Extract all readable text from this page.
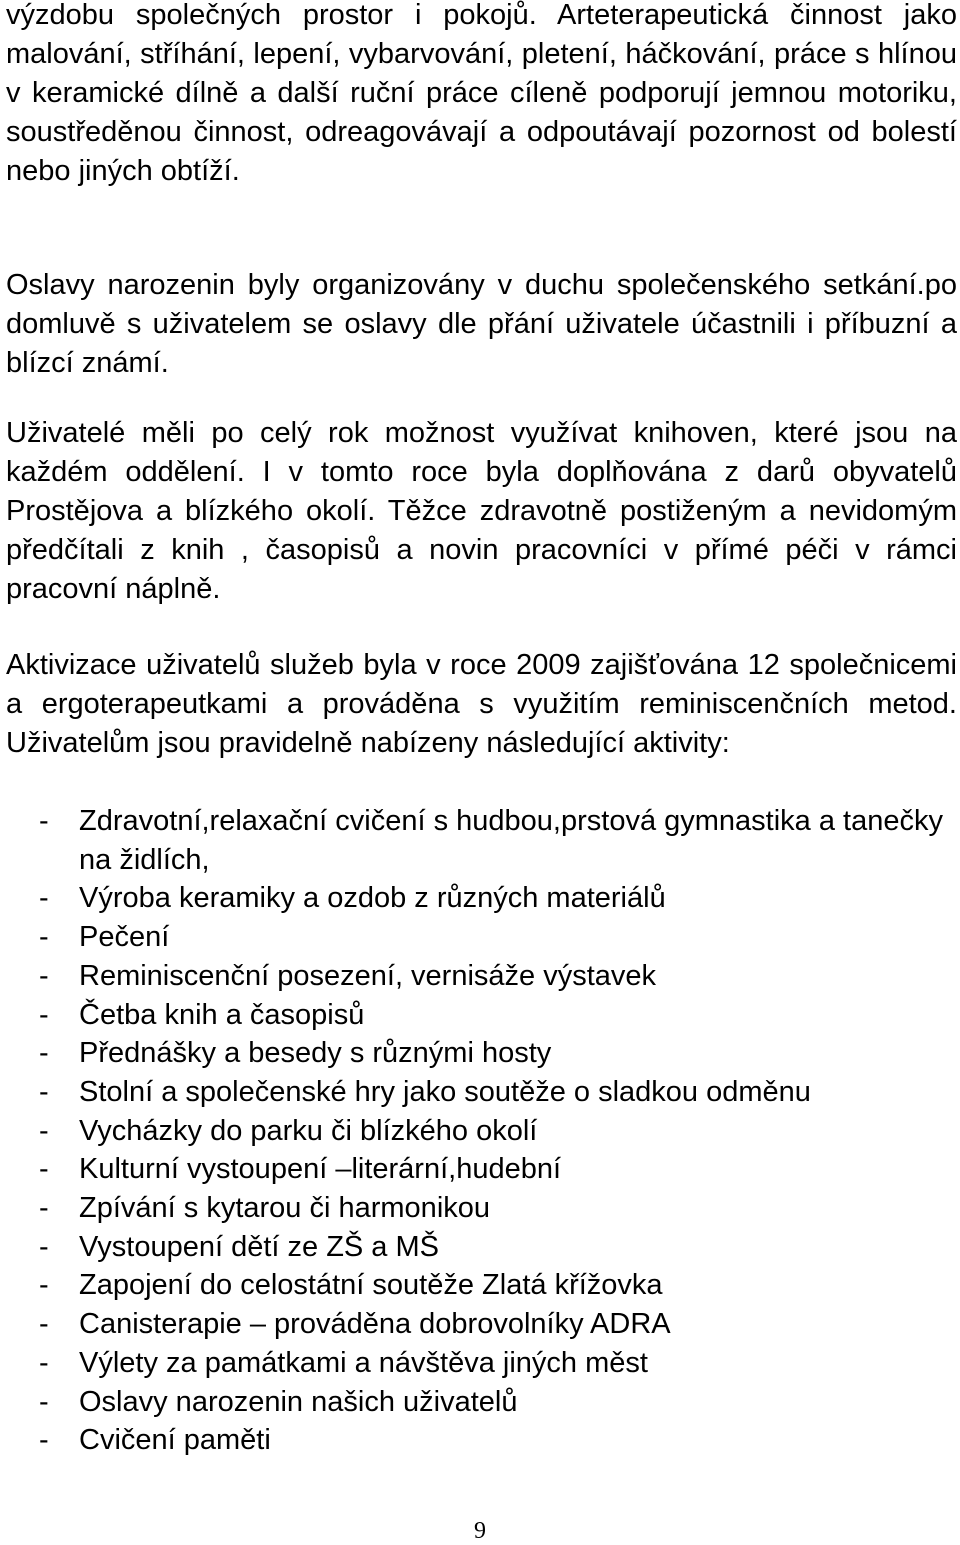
výzdobu společných prostor i pokojů. Arteterapeutická činnost jako malování, stříhání, lepení, vybarvování, pletení, háčkování, práce s hlínou v keramické dílně a další ruční práce cíleně podporují jemnou motoriku, soustředěnou činnost, odreagovávají a odpoutávají pozornost od bolestí nebo jiných obtíží.

Oslavy narozenin byly organizovány v duchu společenského setkání.po domluvě s uživatelem se oslavy dle přání uživatele účastnili i příbuzní a blízcí známí.

Uživatelé měli po celý rok možnost využívat knihoven, které jsou na každém oddělení. I v tomto roce byla doplňována z darů obyvatelů Prostějova a blízkého okolí. Těžce zdravotně postiženým a nevidomým předčítali z knih , časopisů a novin pracovníci v přímé péči v rámci pracovní náplně.

Aktivizace uživatelů služeb byla v roce 2009 zajišťována 12 společnicemi a ergoterapeutkami a prováděna s využitím reminiscenčních metod. Uživatelům jsou pravidelně nabízeny následující aktivity:

- Zdravotní,relaxační cvičení s hudbou,prstová gymnastika a tanečky na židlích,
- Výroba keramiky a ozdob z různých materiálů
- Pečení
- Reminiscenční posezení, vernisáže výstavek
- Četba knih a časopisů
- Přednášky a besedy s různými hosty
- Stolní a společenské hry jako soutěže o sladkou odměnu
- Vycházky do parku či blízkého okolí
- Kulturní vystoupení –literární,hudební
- Zpívání s kytarou či harmonikou
- Vystoupení dětí ze ZŠ a MŠ
- Zapojení do celostátní soutěže Zlatá křížovka
- Canisterapie – prováděna dobrovolníky ADRA
- Výlety za památkami a návštěva jiných měst
- Oslavy narozenin našich uživatelů
- Cvičení paměti
9
